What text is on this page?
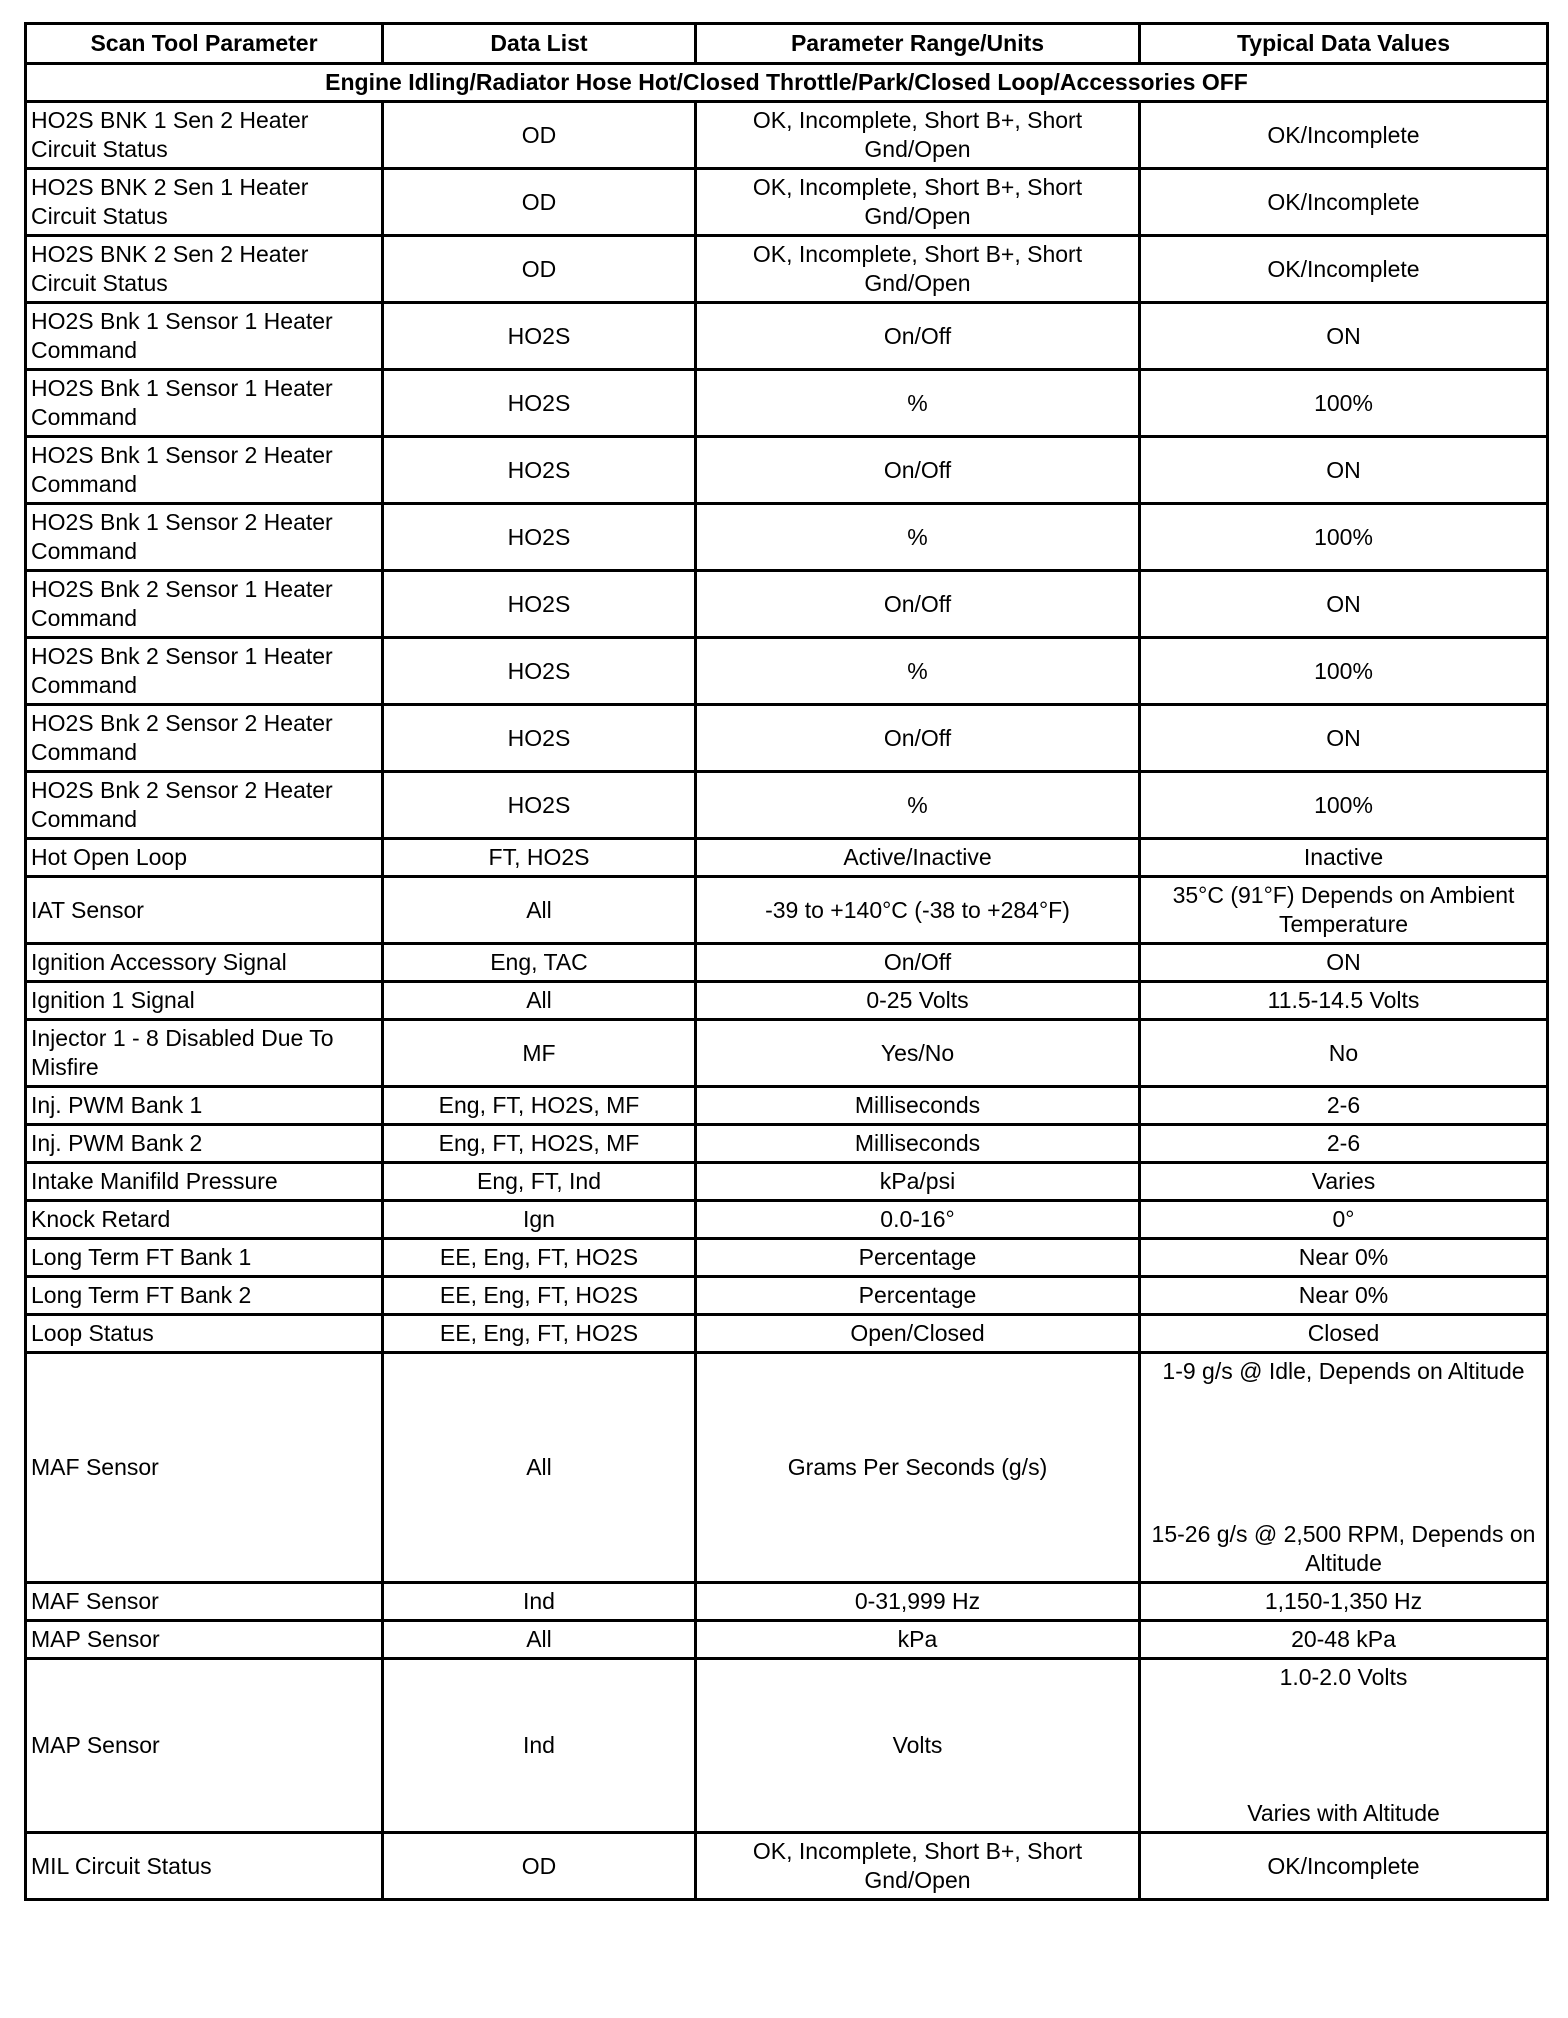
Scan Tool Parameter	Data List	Parameter Range/Units	Typical Data Values
Engine Idling/Radiator Hose Hot/Closed Throttle/Park/Closed Loop/Accessories OFF			
HO2S BNK 1 Sen 2 Heater Circuit Status	OD	OK, Incomplete, Short B+, Short Gnd/Open	OK/Incomplete
HO2S BNK 2 Sen 1 Heater Circuit Status	OD	OK, Incomplete, Short B+, Short Gnd/Open	OK/Incomplete
HO2S BNK 2 Sen 2 Heater Circuit Status	OD	OK, Incomplete, Short B+, Short Gnd/Open	OK/Incomplete
HO2S Bnk 1 Sensor 1 Heater Command	HO2S	On/Off	ON
HO2S Bnk 1 Sensor 1 Heater Command	HO2S	%	100%
HO2S Bnk 1 Sensor 2 Heater Command	HO2S	On/Off	ON
HO2S Bnk 1 Sensor 2 Heater Command	HO2S	%	100%
HO2S Bnk 2 Sensor 1 Heater Command	HO2S	On/Off	ON
HO2S Bnk 2 Sensor 1 Heater Command	HO2S	%	100%
HO2S Bnk 2 Sensor 2 Heater Command	HO2S	On/Off	ON
HO2S Bnk 2 Sensor 2 Heater Command	HO2S	%	100%
Hot Open Loop	FT, HO2S	Active/Inactive	Inactive
IAT Sensor	All	-39 to +140°C (-38 to +284°F)	35°C (91°F) Depends on Ambient Temperature
Ignition Accessory Signal	Eng, TAC	On/Off	ON
Ignition 1 Signal	All	0-25 Volts	11.5-14.5 Volts
Injector 1 - 8 Disabled Due To Misfire	MF	Yes/No	No
Inj. PWM Bank 1	Eng, FT, HO2S, MF	Milliseconds	2-6
Inj. PWM Bank 2	Eng, FT, HO2S, MF	Milliseconds	2-6
Intake Manifild Pressure	Eng, FT, Ind	kPa/psi	Varies
Knock Retard	Ign	0.0-16°	0°
Long Term FT Bank 1	EE, Eng, FT, HO2S	Percentage	Near 0%
Long Term FT Bank 2	EE, Eng, FT, HO2S	Percentage	Near 0%
Loop Status	EE, Eng, FT, HO2S	Open/Closed	Closed
MAF Sensor	All	Grams Per Seconds (g/s)	1-9 g/s @ Idle, Depends on Altitude
15-26 g/s @ 2,500 RPM, Depends on Altitude

MAF Sensor	Ind	0-31,999 Hz	1,150-1,350 Hz
MAP Sensor	All	kPa	20-48 kPa
MAP Sensor	Ind	Volts	1.0-2.0 Volts
Varies with Altitude

MIL Circuit Status	OD	OK, Incomplete, Short B+, Short Gnd/Open	OK/Incomplete
